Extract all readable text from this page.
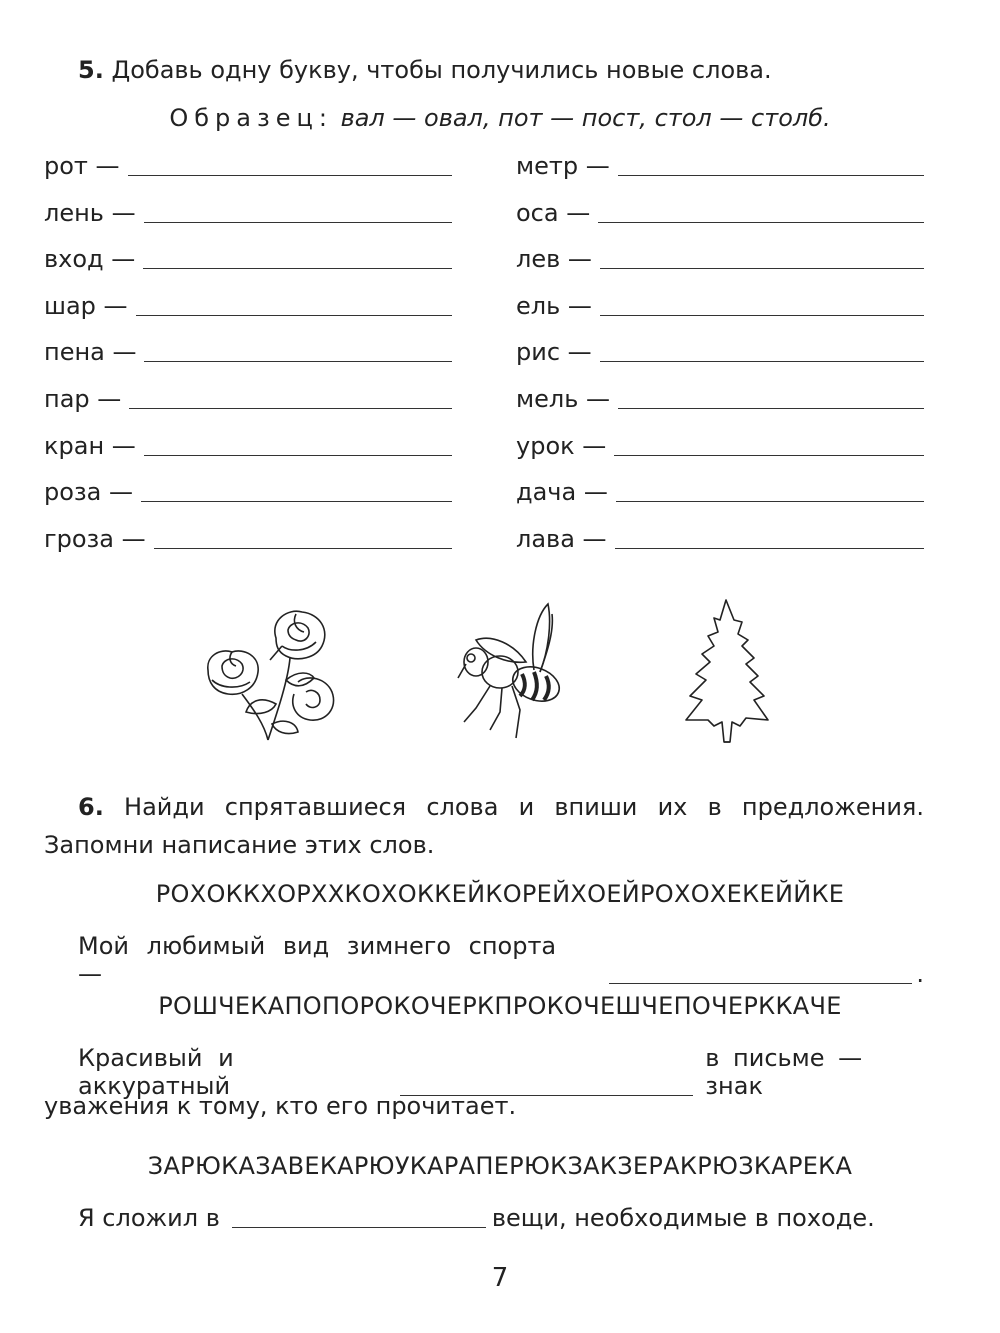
5. Добавь одну букву, чтобы получились новые слова.
Образец: вал — овал, пот — пост, стол — столб.
рот —
лень —
вход —
шар —
пена —
пар —
кран —
роза —
гроза —
метр —
оса —
лев —
ель —
рис —
мель —
урок —
дача —
лава —
6. Найди спрятавшиеся слова и впиши их в предложения. Запомни написание этих слов.
РОХОККХОРХХКОХОККЕЙКОРЕЙХОЕЙРОХОХЕКЕЙЙКЕ
Мой любимый вид зимнего спорта —	.
РОШЧЕКАПОПОРОКОЧЕРКПРОКОЧЕШЧЕПОЧЕРККАЧЕ
Красивый и аккуратный
в письме — знак
уважения к тому, кто его прочитает.
ЗАРЮКАЗАВЕКАРЮУКАРАПЕРЮКЗАКЗЕРАКРЮЗКАРЕКА
Я сложил в	вещи, необходимые в походе.
7
